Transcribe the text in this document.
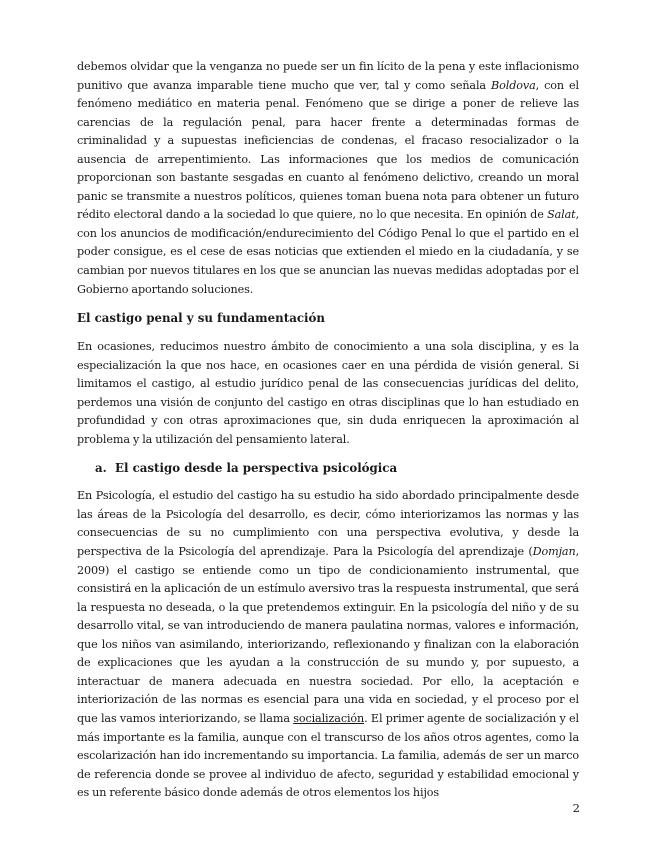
debemos olvidar que la venganza no puede ser un fin lícito de la pena y este inflacionismo punitivo que avanza imparable tiene mucho que ver, tal y como señala Boldova, con el fenómeno mediático en materia penal. Fenómeno que se dirige a poner de relieve las carencias de la regulación penal, para hacer frente a determinadas formas de criminalidad y a supuestas ineficiencias de condenas, el fracaso resocializador o la ausencia de arrepentimiento. Las informaciones que los medios de comunicación proporcionan son bastante sesgadas en cuanto al fenómeno delictivo, creando un moral panic se transmite a nuestros políticos, quienes toman buena nota para obtener un futuro rédito electoral dando a la sociedad lo que quiere, no lo que necesita. En opinión de Salat, con los anuncios de modificación/endurecimiento del Código Penal lo que el partido en el poder consigue, es el cese de esas noticias que extienden el miedo en la ciudadanía, y se cambian por nuevos titulares en los que se anuncian las nuevas medidas adoptadas por el Gobierno aportando soluciones.

El castigo penal y su fundamentación

En ocasiones, reducimos nuestro ámbito de conocimiento a una sola disciplina, y es la especialización la que nos hace, en ocasiones caer en una pérdida de visión general. Si limitamos el castigo, al estudio jurídico penal de las consecuencias jurídicas del delito, perdemos una visión de conjunto del castigo en otras disciplinas que lo han estudiado en profundidad y con otras aproximaciones que, sin duda enriquecen la aproximación al problema y la utilización del pensamiento lateral.

a. El castigo desde la perspectiva psicológica

En Psicología, el estudio del castigo ha su estudio ha sido abordado principalmente desde las áreas de la Psicología del desarrollo, es decir, cómo interiorizamos las normas y las consecuencias de su no cumplimiento con una perspectiva evolutiva, y desde la perspectiva de la Psicología del aprendizaje. Para la Psicología del aprendizaje (Domjan, 2009) el castigo se entiende como un tipo de condicionamiento instrumental, que consistirá en la aplicación de un estímulo aversivo tras la respuesta instrumental, que será la respuesta no deseada, o la que pretendemos extinguir. En la psicología del niño y de su desarrollo vital, se van introduciendo de manera paulatina normas, valores e información, que los niños van asimilando, interiorizando, reflexionando y finalizan con la elaboración de explicaciones que les ayudan a la construcción de su mundo y, por supuesto, a interactuar de manera adecuada en nuestra sociedad. Por ello, la aceptación e interiorización de las normas es esencial para una vida en sociedad, y el proceso por el que las vamos interiorizando, se llama socialización. El primer agente de socialización y el más importante es la familia, aunque con el transcurso de los años otros agentes, como la escolarización han ido incrementando su importancia. La familia, además de ser un marco de referencia donde se provee al individuo de afecto, seguridad y estabilidad emocional y es un referente básico donde además de otros elementos los hijos

2
